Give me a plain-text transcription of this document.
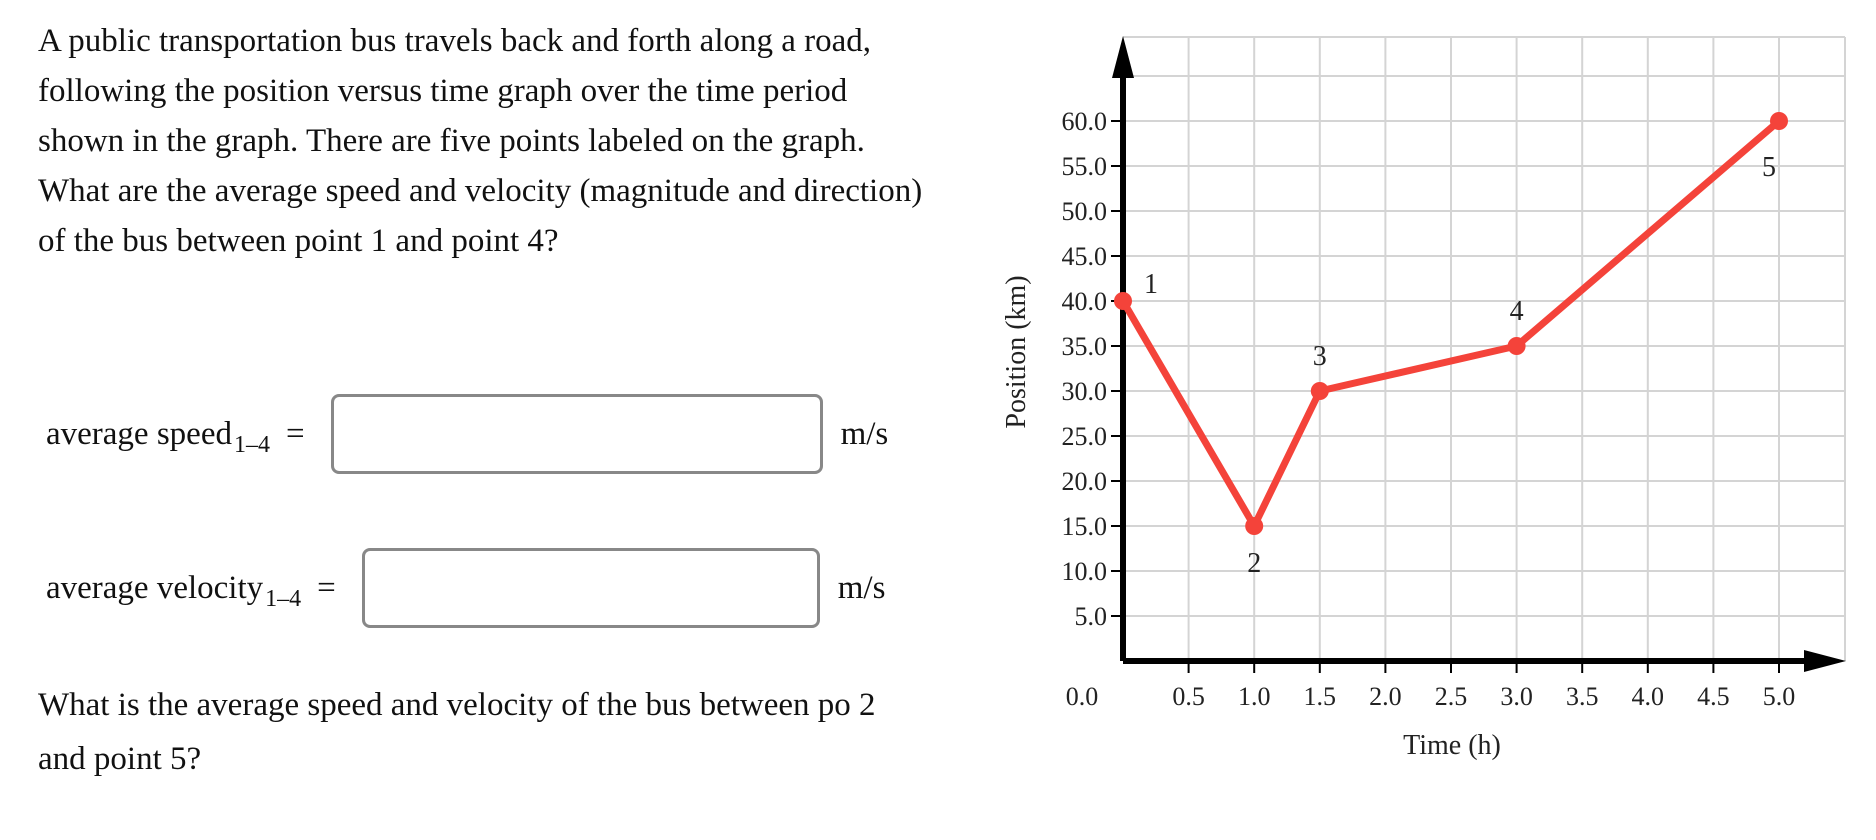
A public transportation bus travels back and forth along a road, following the position versus time graph over the time period shown in the graph. There are five points labeled on the graph. What are the average speed and velocity (magnitude and direction) of the bus between point 1 and point 4?

average speed 1–4 =	m/s
average velocity 1–4 =	m/s

What is the average speed and velocity of the bus between po 2 and point 5?

5.0
10.0
15.0
20.0
25.0
30.0
35.0
40.0
45.0
50.0
55.0
60.0
0.5 1.0 1.5 2.0 2.5 3.0 3.5 4.0 4.5 5.0
0.0
1
2
3
4
5
Time (h)
Position (km)
